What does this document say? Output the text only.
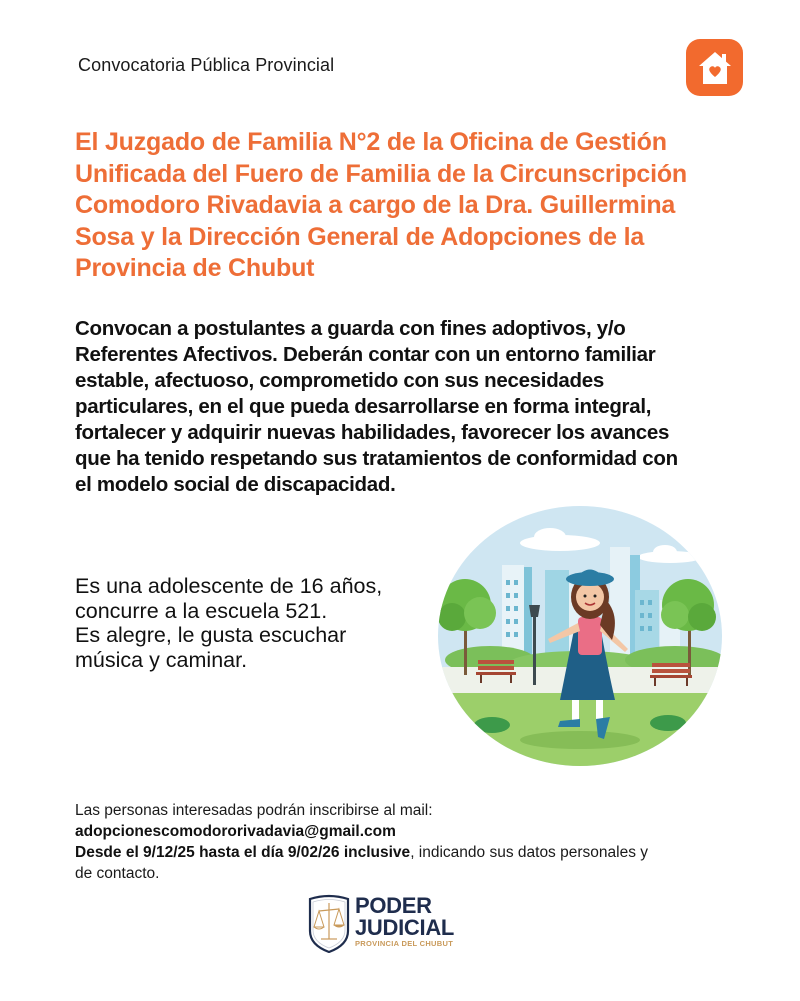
Convocatoria Pública Provincial
El Juzgado de Familia N°2 de la Oficina de Gestión
Unificada del Fuero de Familia de la Circunscripción
Comodoro Rivadavia a cargo de la Dra. Guillermina
Sosa y la Dirección General de Adopciones de la
Provincia de Chubut
Convocan a postulantes a guarda con fines adoptivos, y/o
Referentes Afectivos. Deberán contar con un entorno familiar
estable, afectuoso, comprometido con sus necesidades
particulares, en el que pueda desarrollarse en forma integral,
fortalecer y adquirir nuevas habilidades, favorecer los avances
que ha tenido respetando sus tratamientos de conformidad con
el modelo social de discapacidad.
Es una adolescente de 16 años,
concurre a la escuela 521.
Es alegre, le gusta escuchar
música y caminar.
Las personas interesadas podrán inscribirse al mail:
adopcionescomodororivadavia@gmail.com
Desde el 9/12/25 hasta el día 9/02/26 inclusive, indicando sus datos personales y
de contacto.
PODER
JUDICIAL
PROVINCIA DEL CHUBUT
